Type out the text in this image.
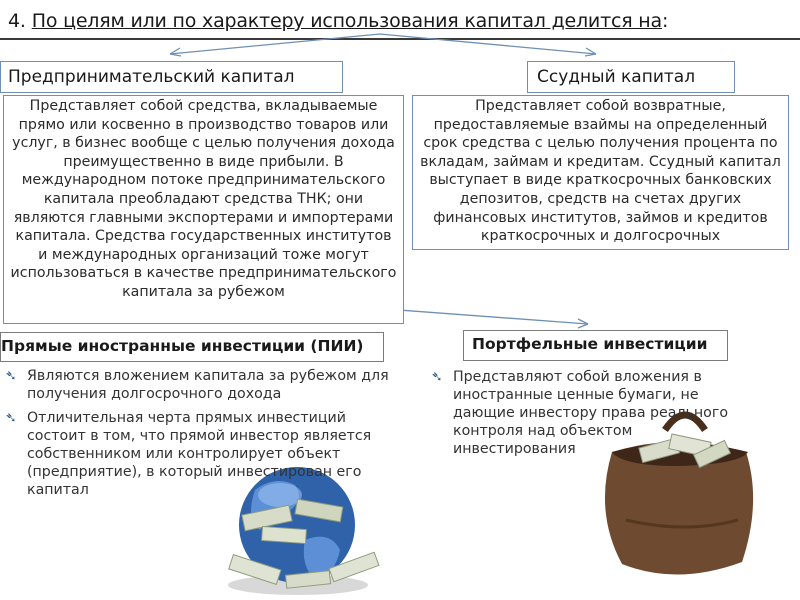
4. По целям или по характеру использования капитал делится на:
Предпринимательский капитал	Ссудный капитал
Представляет собой средства, вкладываемые прямо или косвенно в производство товаров или услуг, в бизнес вообще с целью получения дохода преимущественно в виде прибыли. В международном потоке предпринимательского капитала преобладают средства ТНК; они являются главными экспортерами и импортерами капитала. Средства государственных институтов и международных организаций тоже могут использоваться в качестве предпринимательского капитала за рубежом
Представляет собой возвратные, предоставляемые взаймы на определенный срок средства с целью получения процента по вкладам, займам и кредитам. Ссудный капитал выступает в виде краткосрочных банковских депозитов, средств на счетах других финансовых институтов, займов и кредитов краткосрочных и долгосрочных
Прямые иностранные инвестиции (ПИИ)	Портфельные инвестиции
➴ Являются вложением капитала за рубежом для получения долгосрочного дохода
➴ Отличительная черта прямых инвестиций состоит в том, что прямой инвестор является собственником или контролирует объект (предприятие), в который инвестирован его капитал
➴ Представляют собой вложения в иностранные ценные бумаги, не дающие инвестору права реального контроля над объектом инвестирования
